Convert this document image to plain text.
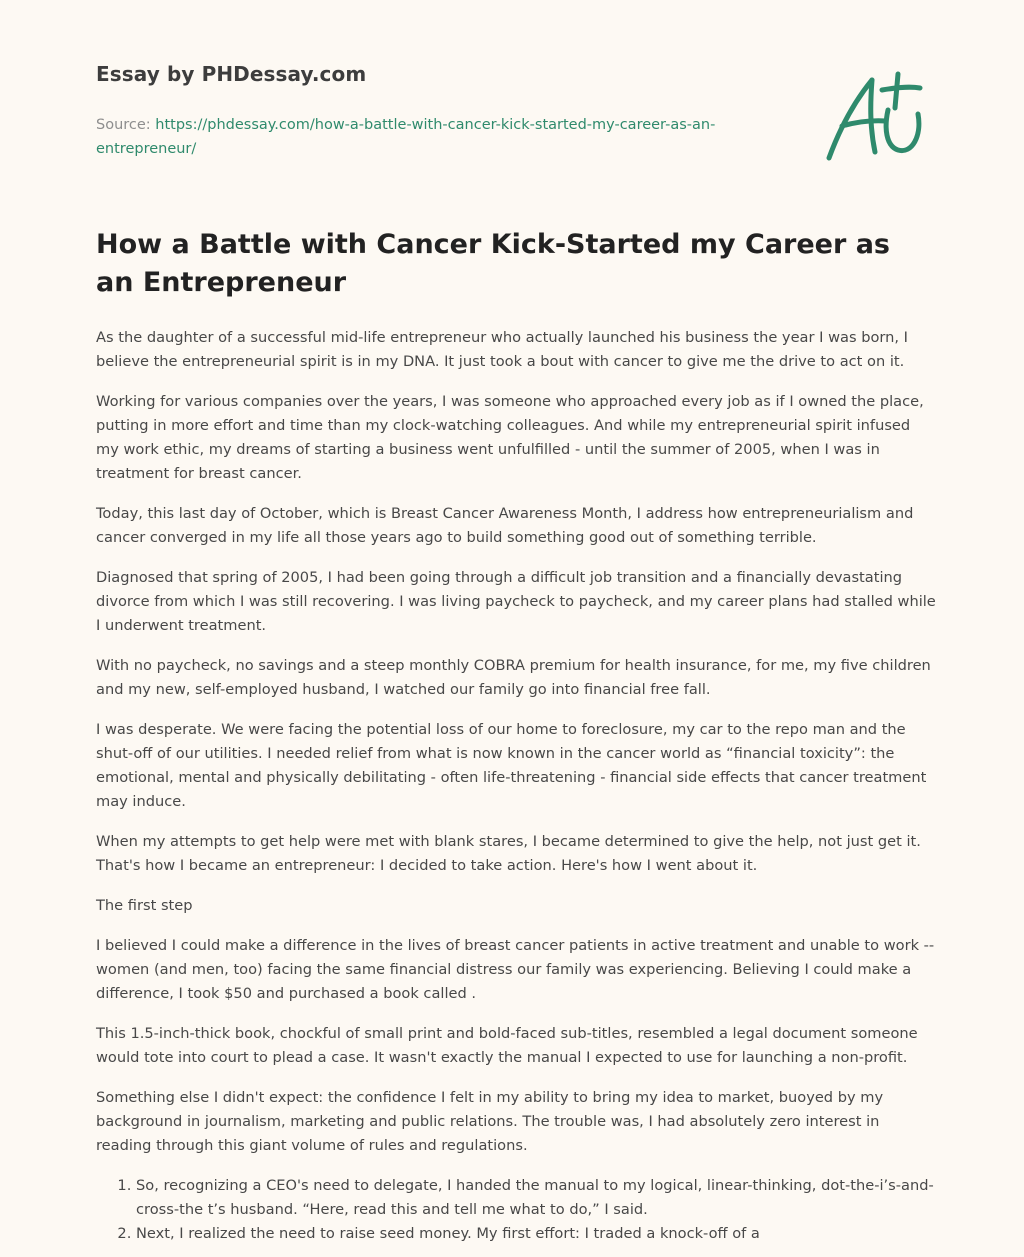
Essay by PHDessay.com
Source: https://phdessay.com/how-a-battle-with-cancer-kick-started-my-career-as-an-
entrepreneur/
How a Battle with Cancer Kick-Started my Career as an Entrepreneur

As the daughter of a successful mid-life entrepreneur who actually launched his business the year I was born, I believe the entrepreneurial spirit is in my DNA. It just took a bout with cancer to give me the drive to act on it.

Working for various companies over the years, I was someone who approached every job as if I owned the place, putting in more effort and time than my clock-watching colleagues. And while my entrepreneurial spirit infused my work ethic, my dreams of starting a business went unfulfilled - until the summer of 2005, when I was in treatment for breast cancer.

Today, this last day of October, which is Breast Cancer Awareness Month, I address how entrepreneurialism and cancer converged in my life all those years ago to build something good out of something terrible.

Diagnosed that spring of 2005, I had been going through a difficult job transition and a financially devastating divorce from which I was still recovering. I was living paycheck to paycheck, and my career plans had stalled while I underwent treatment.

With no paycheck, no savings and a steep monthly COBRA premium for health insurance, for me, my five children and my new, self-employed husband, I watched our family go into financial free fall.

I was desperate. We were facing the potential loss of our home to foreclosure, my car to the repo man and the shut-off of our utilities. I needed relief from what is now known in the cancer world as “financial toxicity”: the emotional, mental and physically debilitating - often life-threatening - financial side effects that cancer treatment may induce.

When my attempts to get help were met with blank stares, I became determined to give the help, not just get it. That's how I became an entrepreneur: I decided to take action. Here's how I went about it.

The first step

I believed I could make a difference in the lives of breast cancer patients in active treatment and unable to work -- women (and men, too) facing the same financial distress our family was experiencing. Believing I could make a difference, I took $50 and purchased a book called .

This 1.5-inch-thick book, chockful of small print and bold-faced sub-titles, resembled a legal document someone would tote into court to plead a case. It wasn't exactly the manual I expected to use for launching a non-profit.

Something else I didn't expect: the confidence I felt in my ability to bring my idea to market, buoyed by my background in journalism, marketing and public relations. The trouble was, I had absolutely zero interest in reading through this giant volume of rules and regulations.

1. So, recognizing a CEO's need to delegate, I handed the manual to my logical, linear-thinking, dot-the-i’s-and-cross-the t’s husband. “Here, read this and tell me what to do,” I said.
2. Next, I realized the need to raise seed money. My first effort: I traded a knock-off of a
